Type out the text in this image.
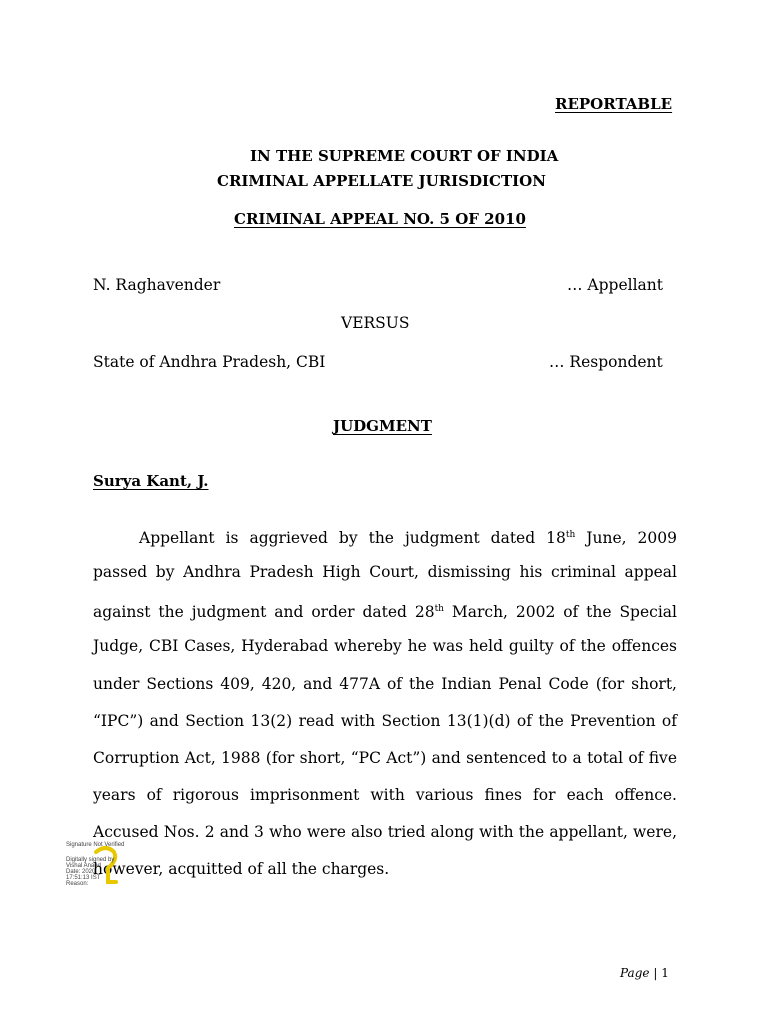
REPORTABLE
IN THE SUPREME COURT OF INDIA
CRIMINAL APPELLATE JURISDICTION
CRIMINAL APPEAL NO. 5 OF 2010
N. Raghavender	… Appellant
VERSUS
State of Andhra Pradesh, CBI	… Respondent
JUDGMENT
Surya Kant, J.
Appellant is aggrieved by the judgment dated 18th June, 2009
passed by Andhra Pradesh High Court, dismissing his criminal appeal
against the judgment and order dated 28th March, 2002 of the Special
Judge, CBI Cases, Hyderabad whereby he was held guilty of the offences
under Sections 409, 420, and 477A of the Indian Penal Code (for short,
“IPC”) and Section 13(2) read with Section 13(1)(d) of the Prevention of
Corruption Act, 1988 (for short, “PC Act”) and sentenced to a total of five
years of rigorous imprisonment with various fines for each offence.
Accused Nos. 2 and 3 who were also tried along with the appellant, were,
however, acquitted of all the charges.
Signature Not Verified
Digitally signed by
Vishal Anand
Date: 2020
17:51:13 IST
Reason:
Page | 1
